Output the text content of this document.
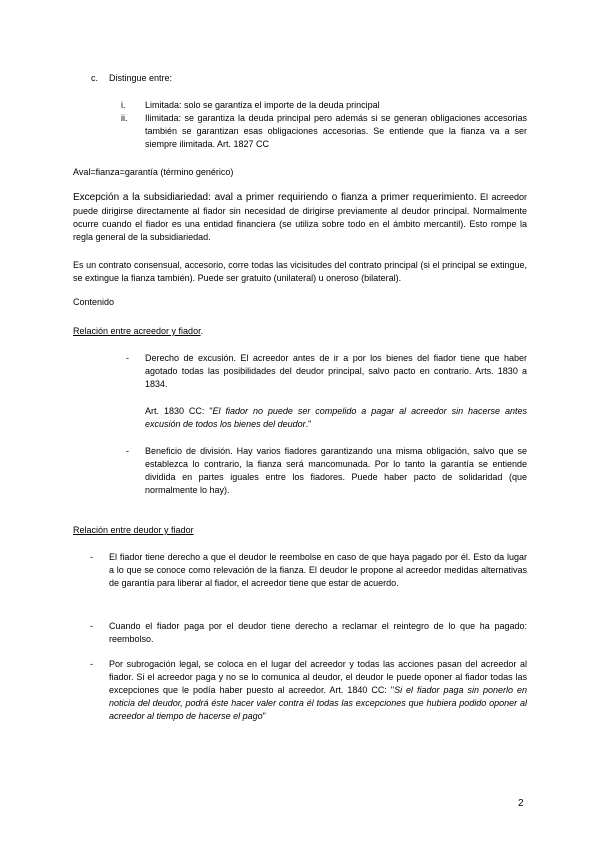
c. Distingue entre:
i. Limitada: solo se garantiza el importe de la deuda principal
ii. Ilimitada: se garantiza la deuda principal pero además si se generan obligaciones accesorias también se garantizan esas obligaciones accesorias. Se entiende que la fianza va a ser siempre ilimitada. Art. 1827 CC
Aval=fianza=garantía (término genérico)
Excepción a la subsidiariedad: aval a primer requiriendo o fianza a primer requerimiento. El acreedor puede dirigirse directamente al fiador sin necesidad de dirigirse previamente al deudor principal. Normalmente ocurre cuando el fiador es una entidad financiera (se utiliza sobre todo en el ámbito mercantil). Esto rompe la regla general de la subsidiariedad.
Es un contrato consensual, accesorio, corre todas las vicisitudes del contrato principal (si el principal se extingue, se extingue la fianza también). Puede ser gratuito (unilateral) u oneroso (bilateral).
Contenido
Relación entre acreedor y fiador.
- Derecho de excusión. El acreedor antes de ir a por los bienes del fiador tiene que haber agotado todas las posibilidades del deudor principal, salvo pacto en contrario. Arts. 1830 a 1834.
Art. 1830 CC: "El fiador no puede ser compelido a pagar al acreedor sin hacerse antes excusión de todos los bienes del deudor."
- Beneficio de división. Hay varios fiadores garantizando una misma obligación, salvo que se establezca lo contrario, la fianza será mancomunada. Por lo tanto la garantía se entiende dividida en partes iguales entre los fiadores. Puede haber pacto de solidaridad (que normalmente lo hay).
Relación entre deudor y fiador
- El fiador tiene derecho a que el deudor le reembolse en caso de que haya pagado por él. Esto da lugar a lo que se conoce como relevación de la fianza. El deudor le propone al acreedor medidas alternativas de garantía para liberar al fiador, el acreedor tiene que estar de acuerdo.
- Cuando el fiador paga por el deudor tiene derecho a reclamar el reintegro de lo que ha pagado: reembolso.
- Por subrogación legal, se coloca en el lugar del acreedor y todas las acciones pasan del acreedor al fiador. Si el acreedor paga y no se lo comunica al deudor, el deudor le puede oponer al fiador todas las excepciones que le podía haber puesto al acreedor. Art. 1840 CC: "Si el fiador paga sin ponerlo en noticia del deudor, podrá éste hacer valer contra él todas las excepciones que hubiera podido oponer al acreedor al tiempo de hacerse el pago"
2
